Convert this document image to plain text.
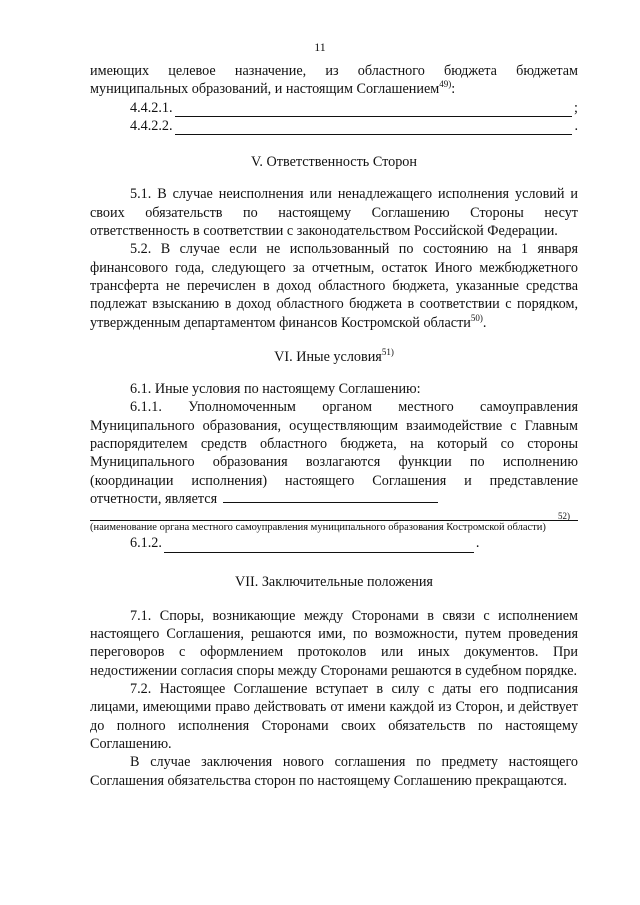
11

имеющих целевое назначение, из областного бюджета бюджетам муниципальных образований, и настоящим Соглашением$^{49)}$:

4.4.2.1.	;
4.4.2.2.	.
V. Ответственность Сторон

5.1. В случае неисполнения или ненадлежащего исполнения условий и своих обязательств по настоящему Соглашению Стороны несут ответственность в соответствии с законодательством Российской Федерации.

5.2. В случае если не использованный по состоянию на 1 января финансового года, следующего за отчетным, остаток Иного межбюджетного трансферта не перечислен в доход областного бюджета, указанные средства подлежат взысканию в доход областного бюджета в соответствии с порядком, утвержденным департаментом финансов Костромской области$^{50)}$.

VI. Иные условия$^{51)}$

6.1. Иные условия по настоящему Соглашению:

6.1.1. Уполномоченным органом местного самоуправления Муниципального образования, осуществляющим взаимодействие с Главным распорядителем средств областного бюджета, на который со стороны Муниципального образования возлагаются функции по исполнению (координации исполнения) настоящего Соглашения и представление отчетности, является

52)
(наименование органа местного самоуправления муниципального образования Костромской области)
6.1.2.	.
VII. Заключительные положения

7.1. Споры, возникающие между Сторонами в связи с исполнением настоящего Соглашения, решаются ими, по возможности, путем проведения переговоров с оформлением протоколов или иных документов. При недостижении согласия споры между Сторонами решаются в судебном порядке.

7.2. Настоящее Соглашение вступает в силу с даты его подписания лицами, имеющими право действовать от имени каждой из Сторон, и действует до полного исполнения Сторонами своих обязательств по настоящему Соглашению.

В случае заключения нового соглашения по предмету настоящего Соглашения обязательства сторон по настоящему Соглашению прекращаются.
